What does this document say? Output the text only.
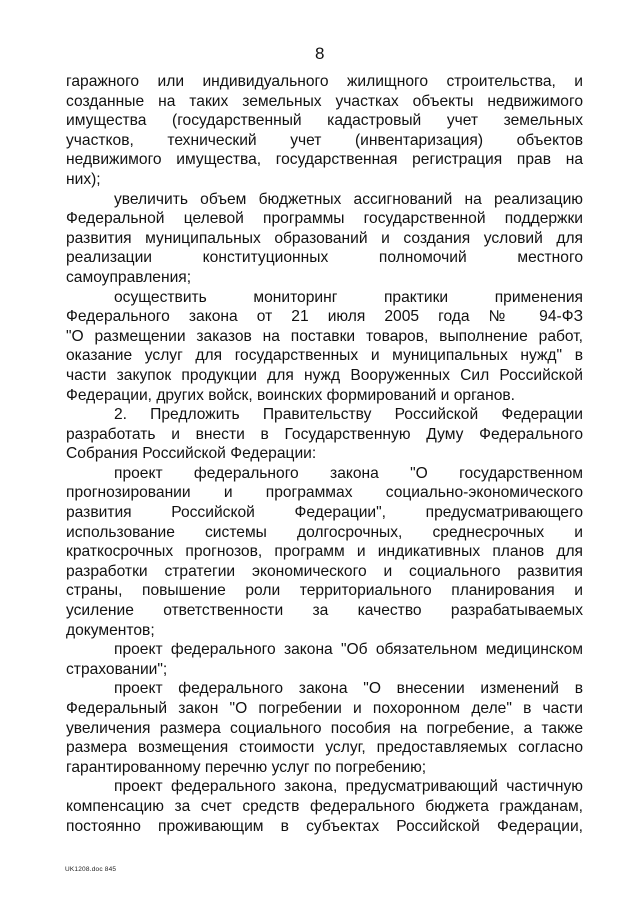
8
гаражного или индивидуального жилищного строительства, и
созданные на таких земельных участках объекты недвижимого
имущества (государственный кадастровый учет земельных
участков, технический учет (инвентаризация) объектов
недвижимого имущества, государственная регистрация прав на
них);
увеличить объем бюджетных ассигнований на реализацию
Федеральной целевой программы государственной поддержки
развития муниципальных образований и создания условий для
реализации конституционных полномочий местного
самоуправления;
осуществить мониторинг практики применения
Федерального закона от 21 июля 2005 года № 94-ФЗ
"О размещении заказов на поставки товаров, выполнение работ,
оказание услуг для государственных и муниципальных нужд" в
части закупок продукции для нужд Вооруженных Сил Российской
Федерации, других войск, воинских формирований и органов.
2. Предложить Правительству Российской Федерации
разработать и внести в Государственную Думу Федерального
Собрания Российской Федерации:
проект федерального закона "О государственном
прогнозировании и программах социально-экономического
развития Российской Федерации", предусматривающего
использование системы долгосрочных, среднесрочных и
краткосрочных прогнозов, программ и индикативных планов для
разработки стратегии экономического и социального развития
страны, повышение роли территориального планирования и
усиление ответственности за качество разрабатываемых
документов;
проект федерального закона "Об обязательном медицинском
страховании";
проект федерального закона "О внесении изменений в
Федеральный закон "О погребении и похоронном деле" в части
увеличения размера социального пособия на погребение, а также
размера возмещения стоимости услуг, предоставляемых согласно
гарантированному перечню услуг по погребению;
проект федерального закона, предусматривающий частичную
компенсацию за счет средств федерального бюджета гражданам,
постоянно проживающим в субъектах Российской Федерации,
UK1208.doc 845
